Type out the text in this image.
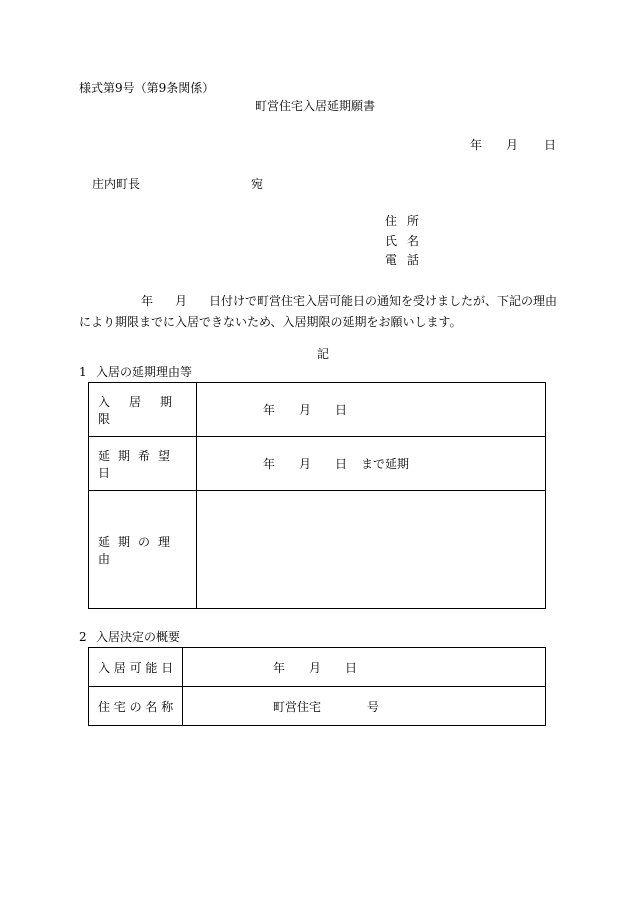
様式第9号（第9条関係）
町営住宅入居延期願書
年 月 日
庄内町長	宛
住所
氏名
電話
年 月 日付けで町営住宅入居可能日の通知を受けましたが、下記の理由により期限までに入居できないため、入居期限の延期をお願いします。
記
1 入居の延期理由等
入 居 期限	年 月 日
延 期 希 望日	年 月 日 まで延期
延 期 の 理由	
2 入居決定の概要
入 居 可 能 日	年 月 日
住 宅 の 名 称	町営住宅 号
